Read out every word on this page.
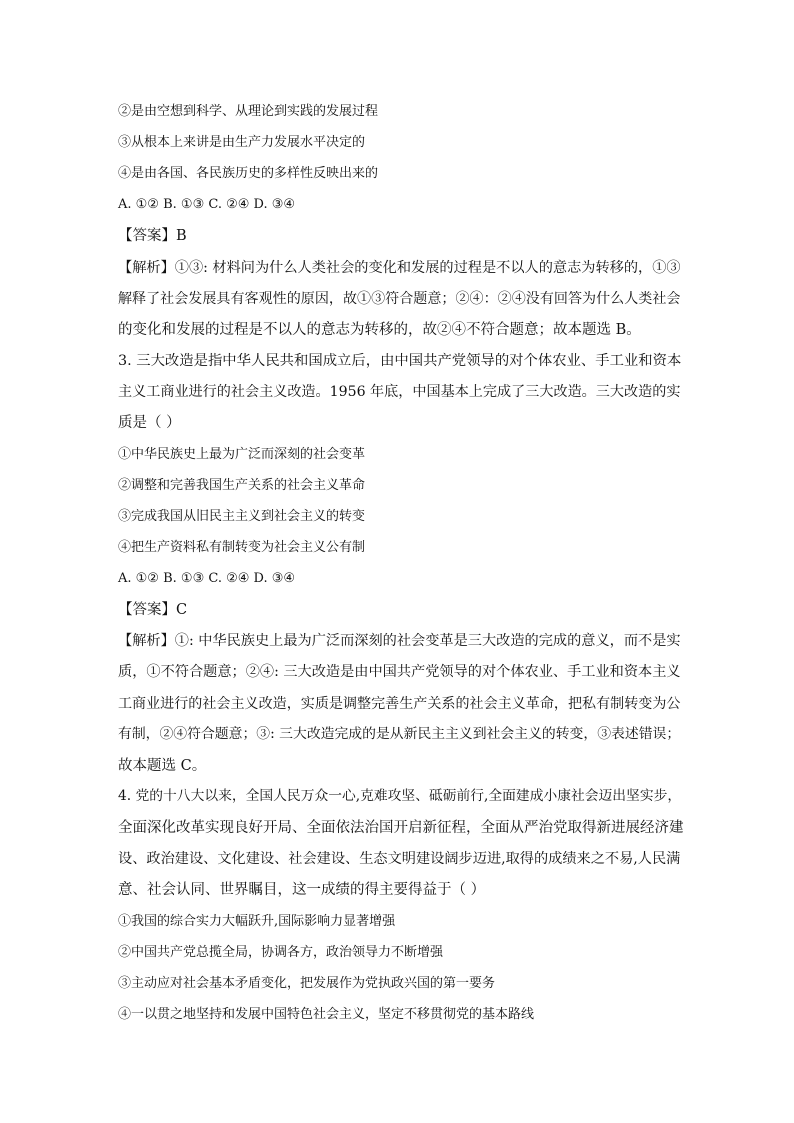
②是由空想到科学、从理论到实践的发展过程
③从根本上来讲是由生产力发展水平决定的
④是由各国、各民族历史的多样性反映出来的
A. ①② B. ①③ C. ②④ D. ③④
【答案】B
【解析】①③: 材料问为什么人类社会的变化和发展的过程是不以人的意志为转移的，①③
解释了社会发展具有客观性的原因，故①③符合题意；②④：②④没有回答为什么人类社会
的变化和发展的过程是不以人的意志为转移的，故②④不符合题意；故本题选 B。
3. 三大改造是指中华人民共和国成立后，由中国共产党领导的对个体农业、手工业和资本
主义工商业进行的社会主义改造。1956 年底，中国基本上完成了三大改造。三大改造的实
质是（ ）
①中华民族史上最为广泛而深刻的社会变革
②调整和完善我国生产关系的社会主义革命
③完成我国从旧民主主义到社会主义的转变
④把生产资料私有制转变为社会主义公有制
A. ①② B. ①③ C. ②④ D. ③④
【答案】C
【解析】①: 中华民族史上最为广泛而深刻的社会变革是三大改造的完成的意义，而不是实
质，①不符合题意；②④: 三大改造是由中国共产党领导的对个体农业、手工业和资本主义
工商业进行的社会主义改造，实质是调整完善生产关系的社会主义革命，把私有制转变为公
有制，②④符合题意；③: 三大改造完成的是从新民主主义到社会主义的转变，③表述错误；
故本题选 C。
4. 党的十八大以来，全国人民万众一心,克难攻坚、砥砺前行,全面建成小康社会迈出坚实步，
全面深化改革实现良好开局、全面依法治国开启新征程，全面从严治党取得新进展经济建
设、政治建设、文化建设、社会建设、生态文明建设阔步迈进,取得的成绩来之不易,人民满
意、社会认同、世界瞩目，这一成绩的得主要得益于（ ）
①我国的综合实力大幅跃升,国际影响力显著增强
②中国共产党总揽全局，协调各方，政治领导力不断增强
③主动应对社会基本矛盾变化，把发展作为党执政兴国的第一要务
④一以贯之地坚持和发展中国特色社会主义，坚定不移贯彻党的基本路线
